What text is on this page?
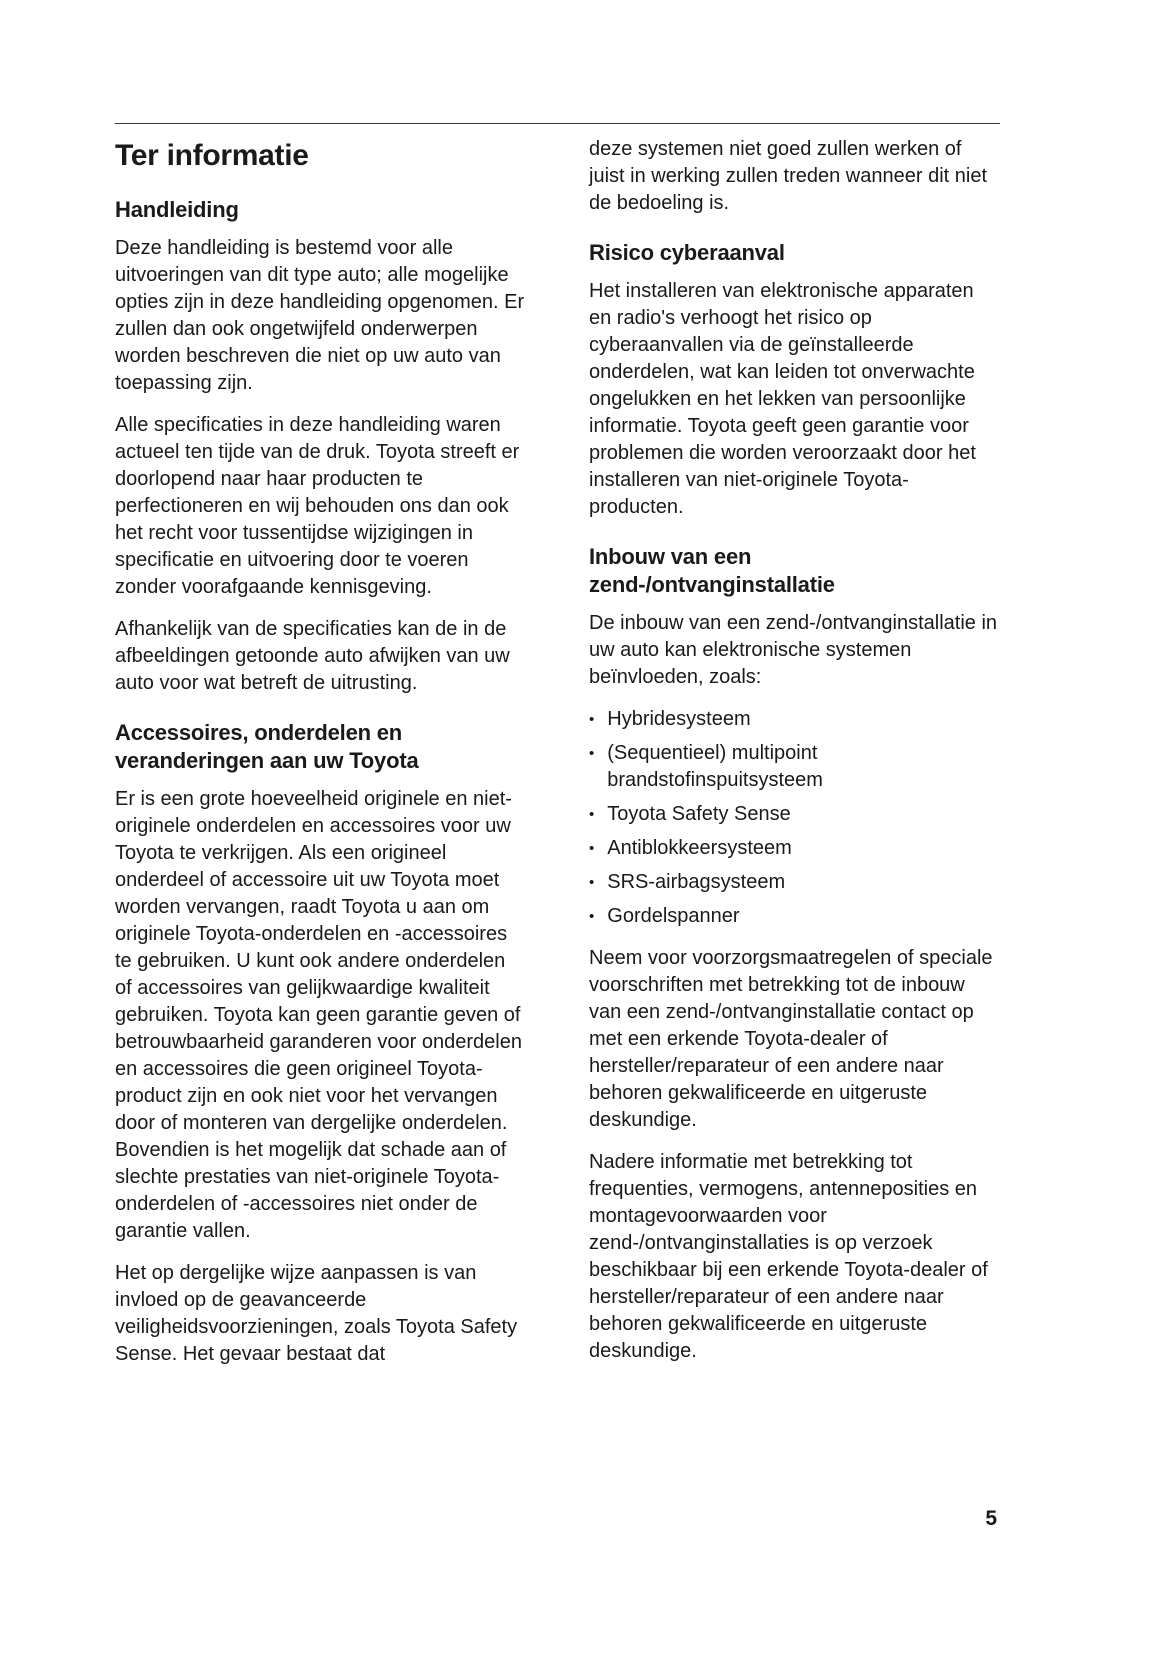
Ter informatie
Handleiding

Deze handleiding is bestemd voor alle uitvoeringen van dit type auto; alle mogelijke opties zijn in deze handleiding opgenomen. Er zullen dan ook ongetwijfeld onderwerpen worden beschreven die niet op uw auto van toepassing zijn.

Alle specificaties in deze handleiding waren actueel ten tijde van de druk. Toyota streeft er doorlopend naar haar producten te perfectioneren en wij behouden ons dan ook het recht voor tussentijdse wijzigingen in specificatie en uitvoering door te voeren zonder voorafgaande kennisgeving.

Afhankelijk van de specificaties kan de in de afbeeldingen getoonde auto afwijken van uw auto voor wat betreft de uitrusting.

Accessoires, onderdelen en veranderingen aan uw Toyota

Er is een grote hoeveelheid originele en niet-originele onderdelen en accessoires voor uw Toyota te verkrijgen. Als een origineel onderdeel of accessoire uit uw Toyota moet worden vervangen, raadt Toyota u aan om originele Toyota-onderdelen en -accessoires te gebruiken. U kunt ook andere onderdelen of accessoires van gelijkwaardige kwaliteit gebruiken. Toyota kan geen garantie geven of betrouwbaarheid garanderen voor onderdelen en accessoires die geen origineel Toyota-product zijn en ook niet voor het vervangen door of monteren van dergelijke onderdelen. Bovendien is het mogelijk dat schade aan of slechte prestaties van niet-originele Toyota-onderdelen of -accessoires niet onder de garantie vallen.

Het op dergelijke wijze aanpassen is van invloed op de geavanceerde veiligheidsvoorzieningen, zoals Toyota Safety Sense. Het gevaar bestaat dat

deze systemen niet goed zullen werken of juist in werking zullen treden wanneer dit niet de bedoeling is.

Risico cyberaanval

Het installeren van elektronische apparaten en radio's verhoogt het risico op cyberaanvallen via de geïnstalleerde onderdelen, wat kan leiden tot onverwachte ongelukken en het lekken van persoonlijke informatie. Toyota geeft geen garantie voor problemen die worden veroorzaakt door het installeren van niet-originele Toyota-producten.

Inbouw van een zend-/ontvanginstallatie

De inbouw van een zend-/ontvanginstallatie in uw auto kan elektronische systemen beïnvloeden, zoals:

• Hybridesysteem
• (Sequentieel) multipoint brandstofinspuitsysteem
• Toyota Safety Sense
• Antiblokkeersysteem
• SRS-airbagsysteem
• Gordelspanner

Neem voor voorzorgsmaatregelen of speciale voorschriften met betrekking tot de inbouw van een zend-/ontvanginstallatie contact op met een erkende Toyota-dealer of hersteller/reparateur of een andere naar behoren gekwalificeerde en uitgeruste deskundige.

Nadere informatie met betrekking tot frequenties, vermogens, antenneposities en montagevoorwaarden voor zend-/ontvanginstallaties is op verzoek beschikbaar bij een erkende Toyota-dealer of hersteller/reparateur of een andere naar behoren gekwalificeerde en uitgeruste deskundige.

5
